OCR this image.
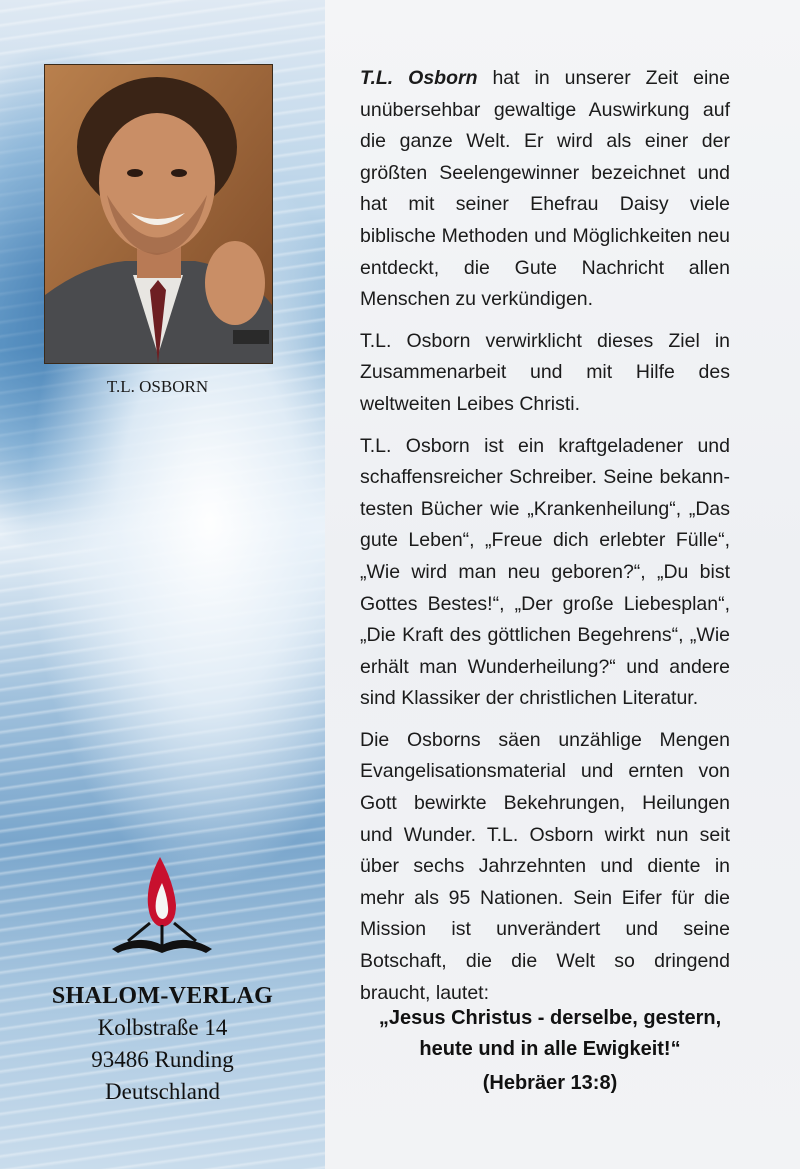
T.L. OSBORN
SHALOM-VERLAG
Kolbstraße 14
93486 Runding
Deutschland

T.L. Osborn hat in unserer Zeit eine unübersehbar gewaltige Auswirkung auf die ganze Welt. Er wird als einer der größten Seelengewinner bezeichnet und hat mit seiner Ehefrau Daisy viele biblische Methoden und Möglichkeiten neu entdeckt, die Gute Nachricht allen Menschen zu verkündigen.

T.L. Osborn verwirklicht dieses Ziel in Zusammenarbeit und mit Hilfe des weltweiten Leibes Christi.

T.L. Osborn ist ein kraftgeladener und schaffensreicher Schreiber. Seine bekanntesten Bücher wie „Krankenheilung“, „Das gute Leben“, „Freue dich erlebter Fülle“, „Wie wird man neu geboren?“, „Du bist Gottes Bestes!“, „Der große Liebesplan“, „Die Kraft des göttlichen Begehrens“, „Wie erhält man Wunderheilung?“ und andere sind Klassiker der christlichen Literatur.

Die Osborns säen unzählige Mengen Evangelisationsmaterial und ernten von Gott bewirkte Bekehrungen, Heilungen und Wunder. T.L. Osborn wirkt nun seit über sechs Jahrzehnten und diente in mehr als 95 Nationen. Sein Eifer für die Mission ist unverändert und seine Botschaft, die die Welt so dringend braucht, lautet:

„Jesus Christus - derselbe, gestern,
heute und in alle Ewigkeit!“
(Hebräer 13:8)
